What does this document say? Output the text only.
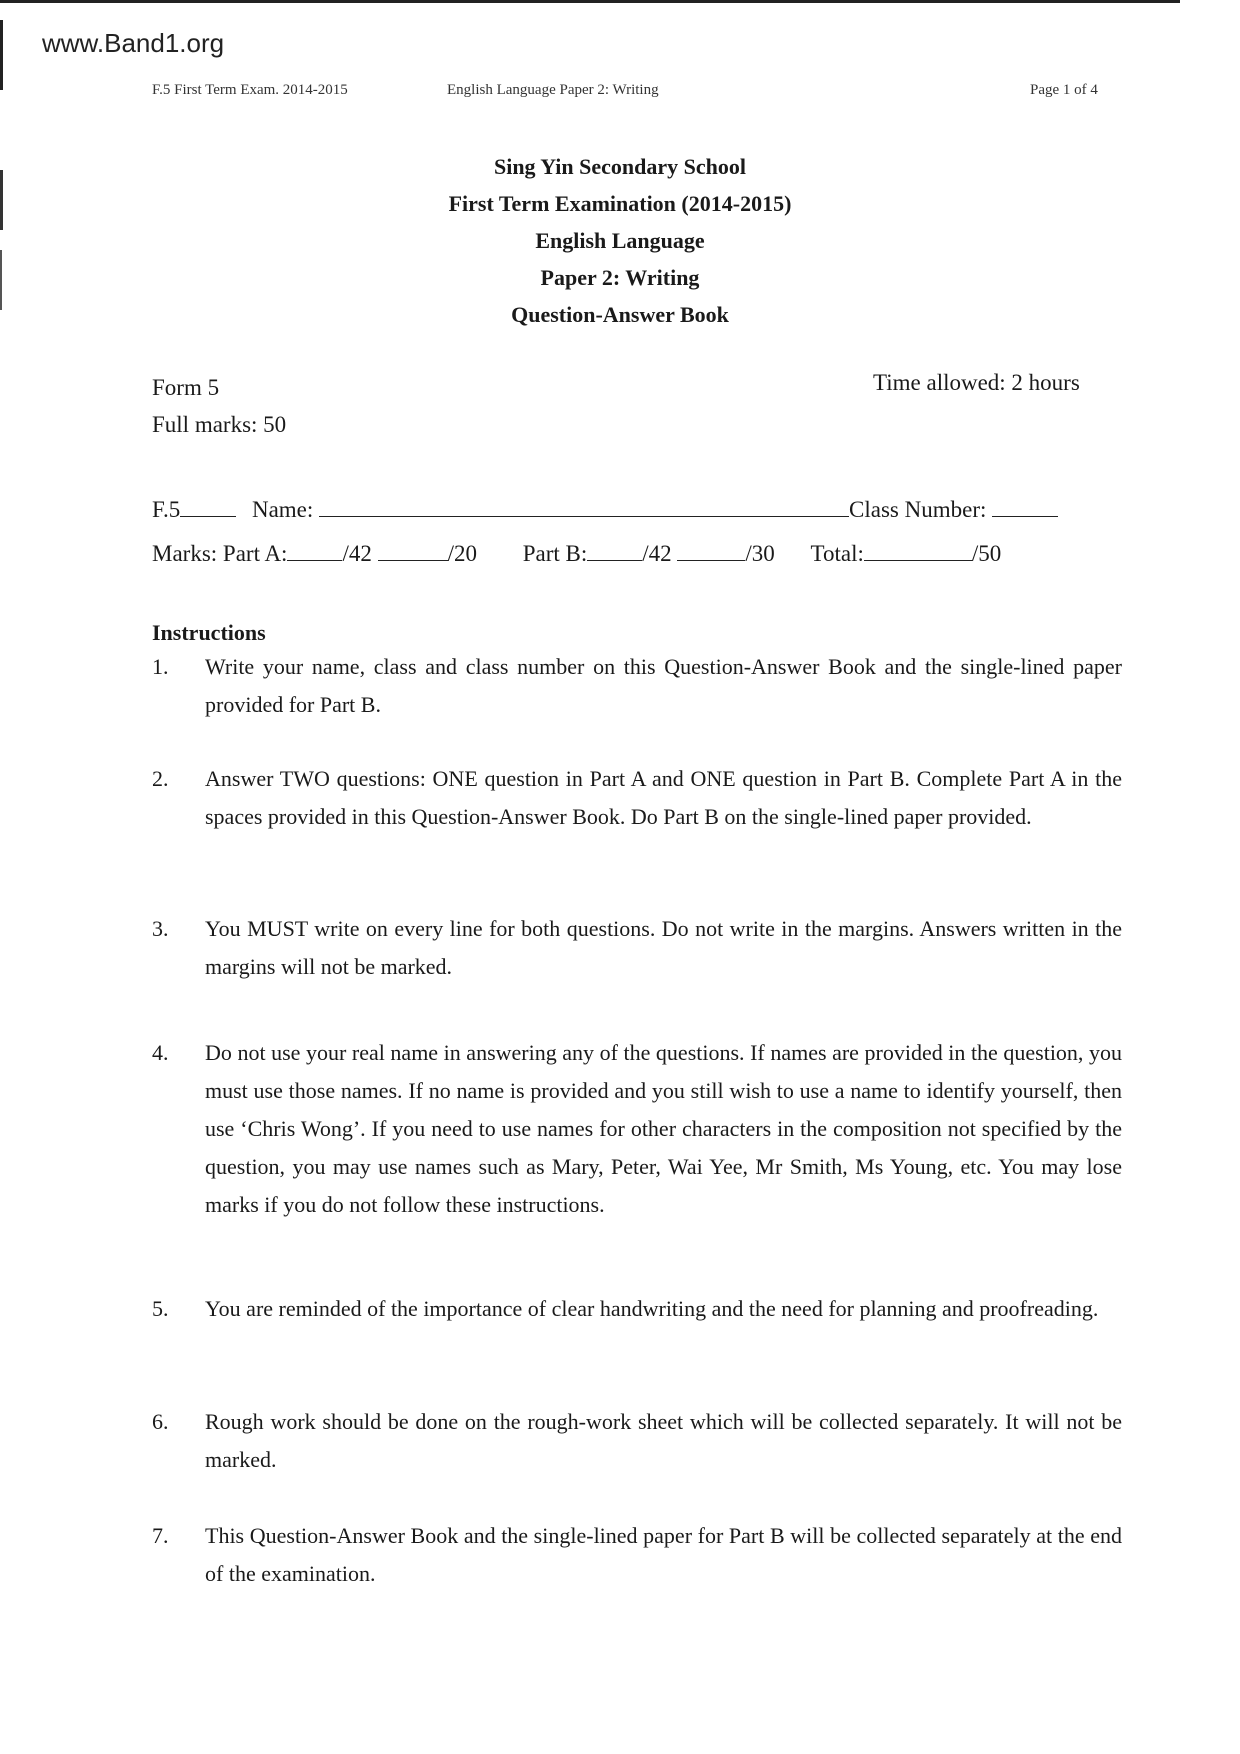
www.Band1.org
F.5 First Term Exam. 2014-2015	English Language Paper 2: Writing	Page 1 of 4
Sing Yin Secondary School
First Term Examination (2014-2015)
English Language
Paper 2: Writing
Question-Answer Book
Form 5
Full marks: 50
Time allowed: 2 hours
F.5	Name:	Class Number:
Marks: Part A: /42	/20 Part B: /42	/30 Total:	/50
Instructions
1. Write your name, class and class number on this Question-Answer Book and the single-lined paper provided for Part B.
2. Answer TWO questions: ONE question in Part A and ONE question in Part B. Complete Part A in the spaces provided in this Question-Answer Book. Do Part B on the single-lined paper provided.
3. You MUST write on every line for both questions. Do not write in the margins. Answers written in the margins will not be marked.
4. Do not use your real name in answering any of the questions. If names are provided in the question, you must use those names. If no name is provided and you still wish to use a name to identify yourself, then use ‘Chris Wong’. If you need to use names for other characters in the composition not specified by the question, you may use names such as Mary, Peter, Wai Yee, Mr Smith, Ms Young, etc. You may lose marks if you do not follow these instructions.
5. You are reminded of the importance of clear handwriting and the need for planning and proofreading.
6. Rough work should be done on the rough-work sheet which will be collected separately. It will not be marked.
7. This Question-Answer Book and the single-lined paper for Part B will be collected separately at the end of the examination.
